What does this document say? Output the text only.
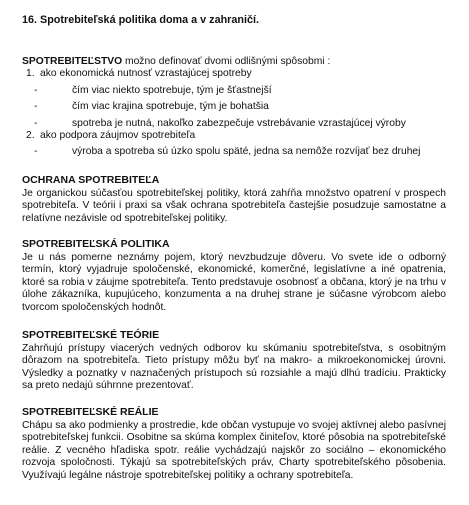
16. Spotrebiteľská politika doma a v zahraničí.

SPOTREBITEĽSTVO možno definovať dvomi odlišnými spôsobmi :

1. ako ekonomická nutnosť vzrastajúcej spotreby

- čím viac niekto spotrebuje, tým je šťastnejší

- čím viac krajina spotrebuje, tým je bohatšia

- spotreba je nutná, nakoľko zabezpečuje vstrebávanie vzrastajúcej výroby

2. ako podpora záujmov spotrebiteľa

- výroba a spotreba sú úzko spolu späté, jedna sa nemôže rozvíjať bez druhej

OCHRANA SPOTREBITEĽA
Je organickou súčasťou spotrebiteľskej politiky, ktorá zahŕňa množstvo opatrení v prospech spotrebiteľa. V teórii i praxi sa však ochrana spotrebiteľa častejšie posudzuje samostatne a relatívne nezávisle od spotrebiteľskej politiky.
SPOTREBITEĽSKÁ POLITIKA
Je u nás pomerne neznámy pojem, ktorý nevzbudzuje dôveru. Vo svete ide o odborný termín, ktorý vyjadruje spoločenské, ekonomické, komerčné, legislatívne a iné opatrenia, ktoré sa robia v záujme spotrebiteľa. Tento predstavuje osobnosť a občana, ktorý je na trhu v úlohe zákazníka, kupujúceho, konzumenta a na druhej strane je súčasne výrobcom alebo tvorcom spoločenských hodnôt.
SPOTREBITEĽSKÉ TEÓRIE
Zahrňujú prístupy viacerých vedných odborov ku skúmaniu spotrebiteľstva, s osobitným dôrazom na spotrebiteľa. Tieto prístupy môžu byť na makro- a mikroekonomickej úrovni. Výsledky a poznatky v naznačených prístupoch sú rozsiahle a majú dlhú tradíciu. Prakticky sa preto nedajú súhrnne prezentovať.
SPOTREBITEĽSKÉ REÁLIE
Chápu sa ako podmienky a prostredie, kde občan vystupuje vo svojej aktívnej alebo pasívnej spotrebiteľskej funkcii. Osobitne sa skúma komplex činiteľov, ktoré pôsobia na spotrebiteľské reálie. Z vecného hľadiska spotr. reálie vychádzajú najskôr zo sociálno – ekonomického rozvoja spoločnosti. Týkajú sa spotrebiteľských práv, Charty spotrebiteľského pôsobenia. Využívajú legálne nástroje spotrebiteľskej politiky a ochrany spotrebiteľa.
